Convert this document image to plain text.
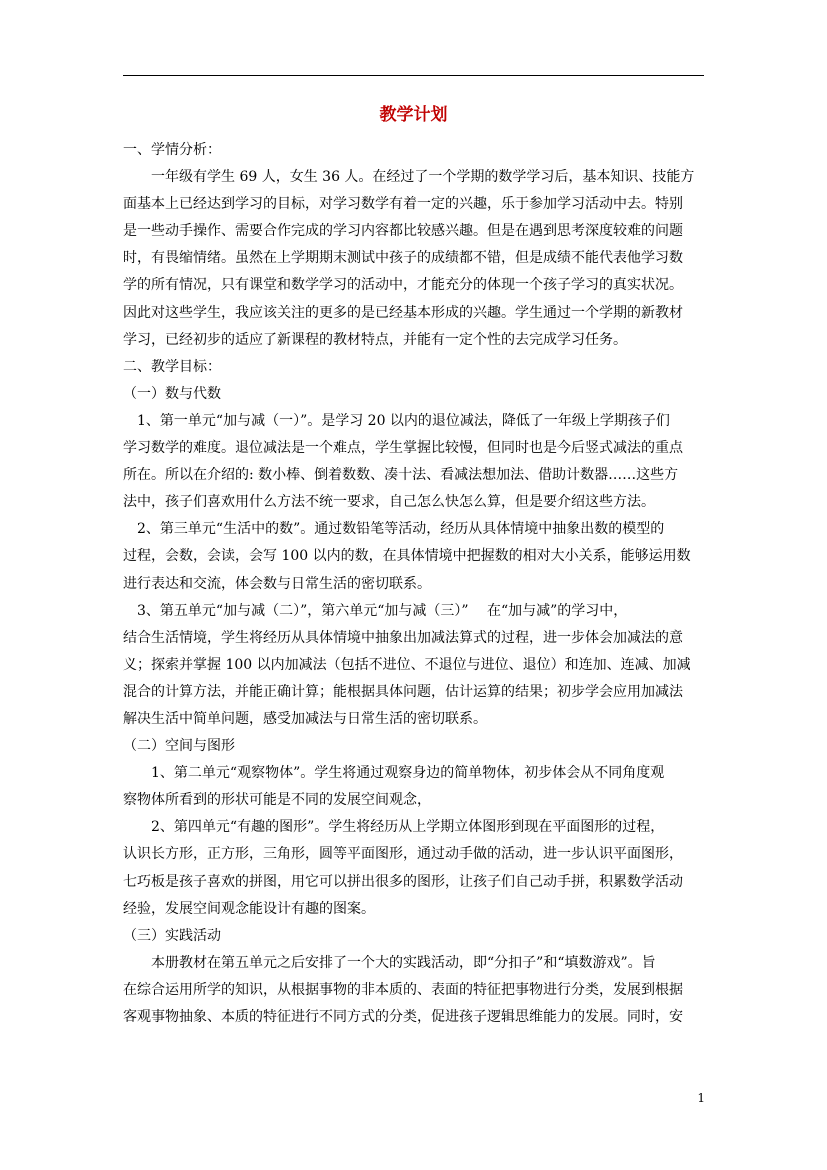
教学计划
一、学情分析：
　　一年级有学生 69 人，女生 36 人。在经过了一个学期的数学学习后，基本知识、技能方
面基本上已经达到学习的目标，对学习数学有着一定的兴趣，乐于参加学习活动中去。特别
是一些动手操作、需要合作完成的学习内容都比较感兴趣。但是在遇到思考深度较难的问题
时，有畏缩情绪。虽然在上学期期末测试中孩子的成绩都不错，但是成绩不能代表他学习数
学的所有情况，只有课堂和数学学习的活动中，才能充分的体现一个孩子学习的真实状况。
因此对这些学生，我应该关注的更多的是已经基本形成的兴趣。学生通过一个学期的新教材
学习，已经初步的适应了新课程的教材特点，并能有一定个性的去完成学习任务。
二、教学目标：
（一）数与代数
　1、第一单元“加与减（一）”。是学习 20 以内的退位减法，降低了一年级上学期孩子们
学习数学的难度。退位减法是一个难点，学生掌握比较慢，但同时也是今后竖式减法的重点
所在。所以在介绍的: 数小棒、倒着数数、凑十法、看减法想加法、借助计数器……这些方
法中，孩子们喜欢用什么方法不统一要求，自己怎么快怎么算，但是要介绍这些方法。
　2、第三单元“生活中的数”。通过数铅笔等活动，经历从具体情境中抽象出数的模型的
过程，会数，会读，会写 100 以内的数，在具体情境中把握数的相对大小关系，能够运用数
进行表达和交流，体会数与日常生活的密切联系。
　3、第五单元“加与减（二）”，第六单元“加与减（三）”　 在“加与减”的学习中，
结合生活情境，学生将经历从具体情境中抽象出加减法算式的过程，进一步体会加减法的意
义；探索并掌握 100 以内加减法（包括不进位、不退位与进位、退位）和连加、连减、加减
混合的计算方法，并能正确计算；能根据具体问题，估计运算的结果；初步学会应用加减法
解决生活中简单问题，感受加减法与日常生活的密切联系。
（二）空间与图形
　　1、第二单元“观察物体”。学生将通过观察身边的简单物体，初步体会从不同角度观
察物体所看到的形状可能是不同的发展空间观念，
　　2、第四单元“有趣的图形”。学生将经历从上学期立体图形到现在平面图形的过程，
认识长方形，正方形，三角形，圆等平面图形，通过动手做的活动，进一步认识平面图形，
七巧板是孩子喜欢的拼图，用它可以拼出很多的图形，让孩子们自己动手拼，积累数学活动
经验，发展空间观念能设计有趣的图案。
（三）实践活动
　　本册教材在第五单元之后安排了一个大的实践活动，即“分扣子”和“填数游戏”。旨
在综合运用所学的知识，从根据事物的非本质的、表面的特征把事物进行分类，发展到根据
客观事物抽象、本质的特征进行不同方式的分类，促进孩子逻辑思维能力的发展。同时，安
1
